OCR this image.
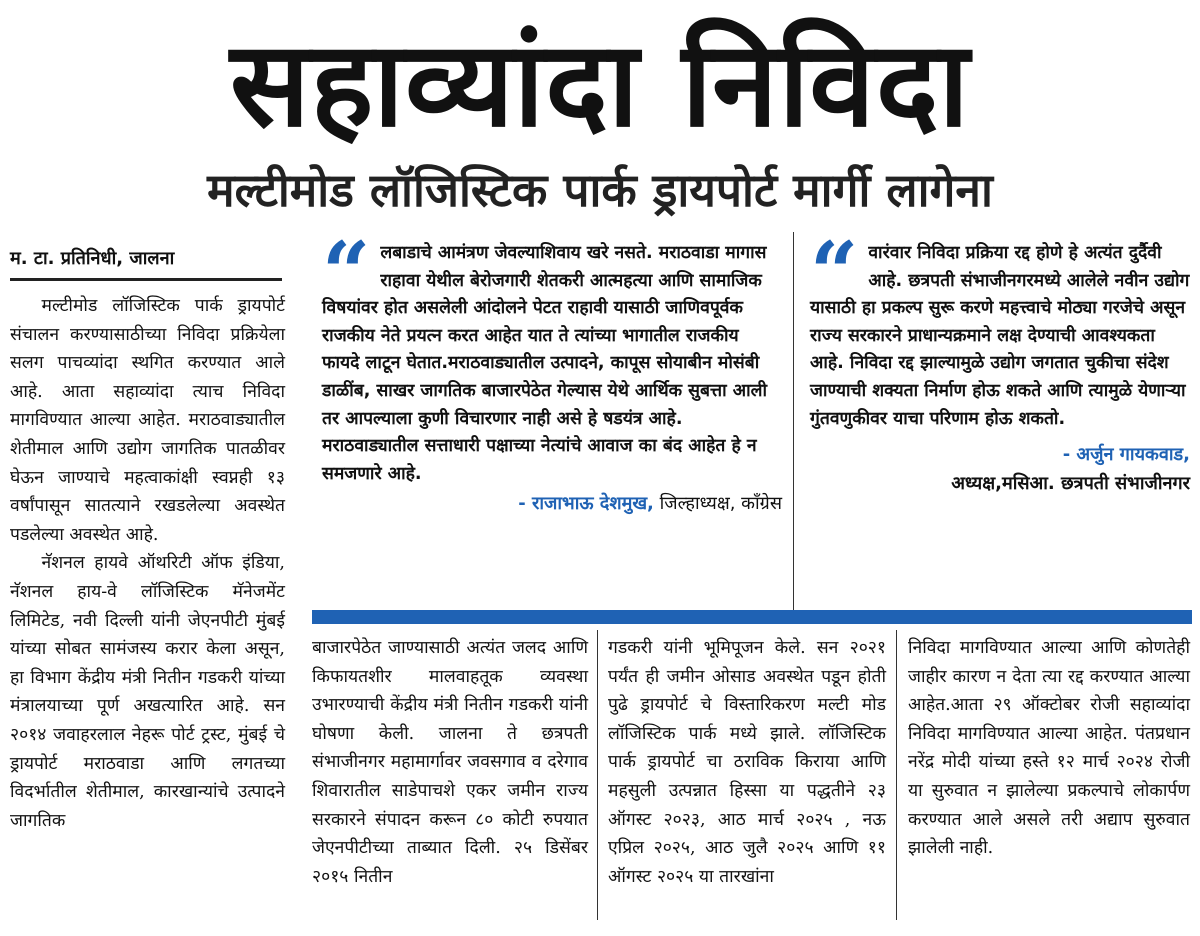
सहाव्यांदा निविदा
मल्टीमोड लॉजिस्टिक पार्क ड्रायपोर्ट मार्गी लागेना
म. टा. प्रतिनिधी, जालना

मल्टीमोड लॉजिस्टिक पार्क ड्रायपोर्ट संचालन करण्यासाठीच्या निविदा प्रक्रियेला सलग पाचव्यांदा स्थगित करण्यात आले आहे. आता सहाव्यांदा त्याच निविदा मागविण्यात आल्या आहेत. मराठवाड्यातील शेतीमाल आणि उद्योग जागतिक पातळीवर घेऊन जाण्याचे महत्वाकांक्षी स्वप्नही १३ वर्षांपासून सातत्याने रखडलेल्या अवस्थेत पडलेल्या अवस्थेत आहे.

नॅशनल हायवे ऑथरिटी ऑफ इंडिया, नॅशनल हाय-वे लॉजिस्टिक मॅनेजमेंट लिमिटेड, नवी दिल्ली यांनी जेएनपीटी मुंबई यांच्या सोबत सामंजस्य करार केला असून, हा विभाग केंद्रीय मंत्री नितीन गडकरी यांच्या मंत्रालयाच्या पूर्ण अखत्यारित आहे. सन २०१४ जवाहरलाल नेहरू पोर्ट ट्रस्ट, मुंबई चे ड्रायपोर्ट मराठवाडा आणि लगतच्या विदर्भातील शेतीमाल, कारखान्यांचे उत्पादने जागतिक

“ लबाडाचे आमंत्रण जेवल्याशिवाय खरे नसते. मराठवाडा मागास राहावा येथील बेरोजगारी शेतकरी आत्महत्या आणि सामाजिक विषयांवर होत असलेली आंदोलने पेटत राहावी यासाठी जाणिवपूर्वक राजकीय नेते प्रयत्न करत आहेत यात ते त्यांच्या भागातील राजकीय फायदे लाटून घेतात.मराठवाड्यातील उत्पादने, कापूस सोयाबीन मोसंबी डाळींब, साखर जागतिक बाजारपेठेत गेल्यास येथे आर्थिक सुबत्ता आली तर आपल्याला कुणी विचारणार नाही असे हे षडयंत्र आहे. मराठवाड्यातील सत्ताधारी पक्षाच्या नेत्यांचे आवाज का बंद आहेत हे न समजणारे आहे.
- राजाभाऊ देशमुख, जिल्हाध्यक्ष, कॉंग्रेस
“ वारंवार निविदा प्रक्रिया रद्द होणे हे अत्यंत दुर्दैवी आहे. छत्रपती संभाजीनगरमध्ये आलेले नवीन उद्योग यासाठी हा प्रकल्प सुरू करणे महत्त्वाचे मोठ्या गरजेचे असून राज्य सरकारने प्राधान्यक्रमाने लक्ष देण्याची आवश्यकता आहे. निविदा रद्द झाल्यामुळे उद्योग जगतात चुकीचा संदेश जाण्याची शक्यता निर्माण होऊ शकते आणि त्यामुळे येणाऱ्या गुंतवणुकीवर याचा परिणाम होऊ शकतो.
- अर्जुन गायकवाड,
अध्यक्ष,मसिआ. छत्रपती संभाजीनगर

बाजारपेठेत जाण्यासाठी अत्यंत जलद आणि किफायतशीर मालवाहतूक व्यवस्था उभारण्याची केंद्रीय मंत्री नितीन गडकरी यांनी घोषणा केली. जालना ते छत्रपती संभाजीनगर महामार्गावर जवसगाव व दरेगाव शिवारातील साडेपाचशे एकर जमीन राज्य सरकारने संपादन करून ८० कोटी रुपयात जेएनपीटीच्या ताब्यात दिली. २५ डिसेंबर २०१५ नितीन

गडकरी यांनी भूमिपूजन केले. सन २०२१ पर्यंत ही जमीन ओसाड अवस्थेत पडून होती पुढे ड्रायपोर्ट चे विस्तारिकरण मल्टी मोड लॉजिस्टिक पार्क मध्ये झाले. लॉजिस्टिक पार्क ड्रायपोर्ट चा ठराविक किराया आणि महसुली उत्पन्नात हिस्सा या पद्धतीने २३ ऑगस्ट २०२३, आठ मार्च २०२५ , नऊ एप्रिल २०२५, आठ जुलै २०२५ आणि ११ ऑगस्ट २०२५ या तारखांना

निविदा मागविण्यात आल्या आणि कोणतेही जाहीर कारण न देता त्या रद्द करण्यात आल्या आहेत.आता २९ ऑक्टोबर रोजी सहाव्यांदा निविदा मागविण्यात आल्या आहेत. पंतप्रधान नरेंद्र मोदी यांच्या हस्ते १२ मार्च २०२४ रोजी या सुरुवात न झालेल्या प्रकल्पाचे लोकार्पण करण्यात आले असले तरी अद्याप सुरुवात झालेली नाही.
